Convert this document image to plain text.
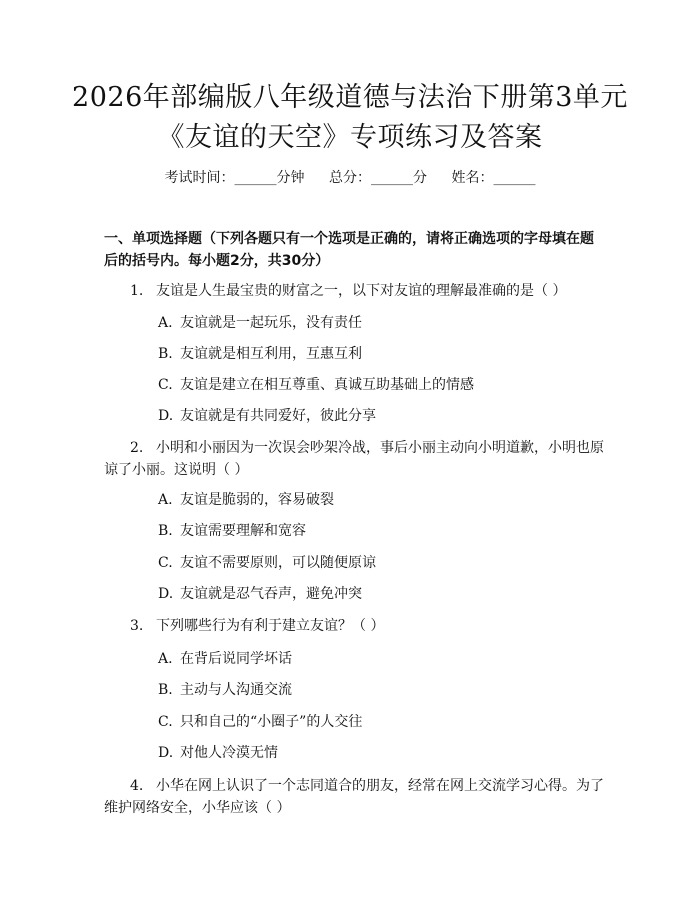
2026年部编版八年级道德与法治下册第3单元《友谊的天空》专项练习及答案
考试时间：______分钟 总分：______分 姓名：______
一、单项选择题（下列各题只有一个选项是正确的，请将正确选项的字母填在题后的括号内。每小题2分，共30分）
1. 友谊是人生最宝贵的财富之一，以下对友谊的理解最准确的是（ ）
A. 友谊就是一起玩乐，没有责任
B. 友谊就是相互利用，互惠互利
C. 友谊是建立在相互尊重、真诚互助基础上的情感
D. 友谊就是有共同爱好，彼此分享
2. 小明和小丽因为一次误会吵架冷战，事后小丽主动向小明道歉，小明也原谅了小丽。这说明（ ）
A. 友谊是脆弱的，容易破裂
B. 友谊需要理解和宽容
C. 友谊不需要原则，可以随便原谅
D. 友谊就是忍气吞声，避免冲突
3. 下列哪些行为有利于建立友谊？（ ）
A. 在背后说同学坏话
B. 主动与人沟通交流
C. 只和自己的“小圈子”的人交往
D. 对他人冷漠无情
4. 小华在网上认识了一个志同道合的朋友，经常在网上交流学习心得。为了维护网络安全，小华应该（ ）
